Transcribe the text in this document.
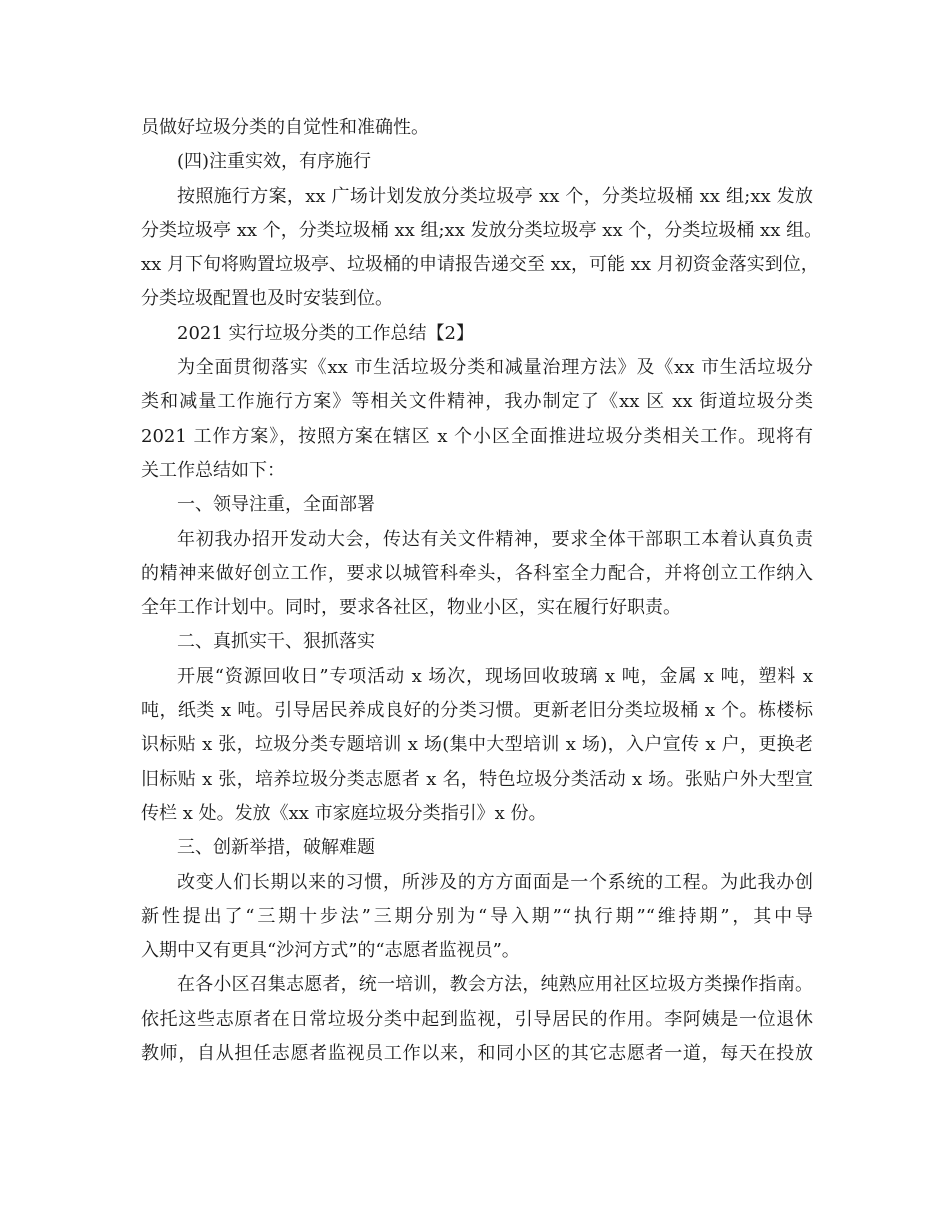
员做好垃圾分类的自觉性和准确性。
(四)注重实效，有序施行
按照施行方案，xx 广场计划发放分类垃圾亭 xx 个，分类垃圾桶 xx 组;xx 发放
分类垃圾亭 xx 个，分类垃圾桶 xx 组;xx 发放分类垃圾亭 xx 个，分类垃圾桶 xx 组。
xx 月下旬将购置垃圾亭、垃圾桶的申请报告递交至 xx，可能 xx 月初资金落实到位，
分类垃圾配置也及时安装到位。
2021 实行垃圾分类的工作总结【2】
为全面贯彻落实《xx 市生活垃圾分类和减量治理方法》及《xx 市生活垃圾分
类和减量工作施行方案》等相关文件精神，我办制定了《xx 区 xx 街道垃圾分类
2021 工作方案》，按照方案在辖区 x 个小区全面推进垃圾分类相关工作。现将有
关工作总结如下：
一、领导注重，全面部署
年初我办招开发动大会，传达有关文件精神，要求全体干部职工本着认真负责
的精神来做好创立工作，要求以城管科牵头，各科室全力配合，并将创立工作纳入
全年工作计划中。同时，要求各社区，物业小区，实在履行好职责。
二、真抓实干、狠抓落实
开展“资源回收日”专项活动 x 场次，现场回收玻璃 x 吨，金属 x 吨，塑料 x
吨，纸类 x 吨。引导居民养成良好的分类习惯。更新老旧分类垃圾桶 x 个。栋楼标
识标贴 x 张，垃圾分类专题培训 x 场(集中大型培训 x 场)，入户宣传 x 户，更换老
旧标贴 x 张，培养垃圾分类志愿者 x 名，特色垃圾分类活动 x 场。张贴户外大型宣
传栏 x 处。发放《xx 市家庭垃圾分类指引》x 份。
三、创新举措，破解难题
改变人们长期以来的习惯，所涉及的方方面面是一个系统的工程。为此我办创
新性提出了“三期十步法”三期分别为“导入期”“执行期”“维持期”，其中导
入期中又有更具“沙河方式”的“志愿者监视员”。
在各小区召集志愿者，统一培训，教会方法，纯熟应用社区垃圾方类操作指南。
依托这些志原者在日常垃圾分类中起到监视，引导居民的作用。李阿姨是一位退休
教师，自从担任志愿者监视员工作以来，和同小区的其它志愿者一道，每天在投放
